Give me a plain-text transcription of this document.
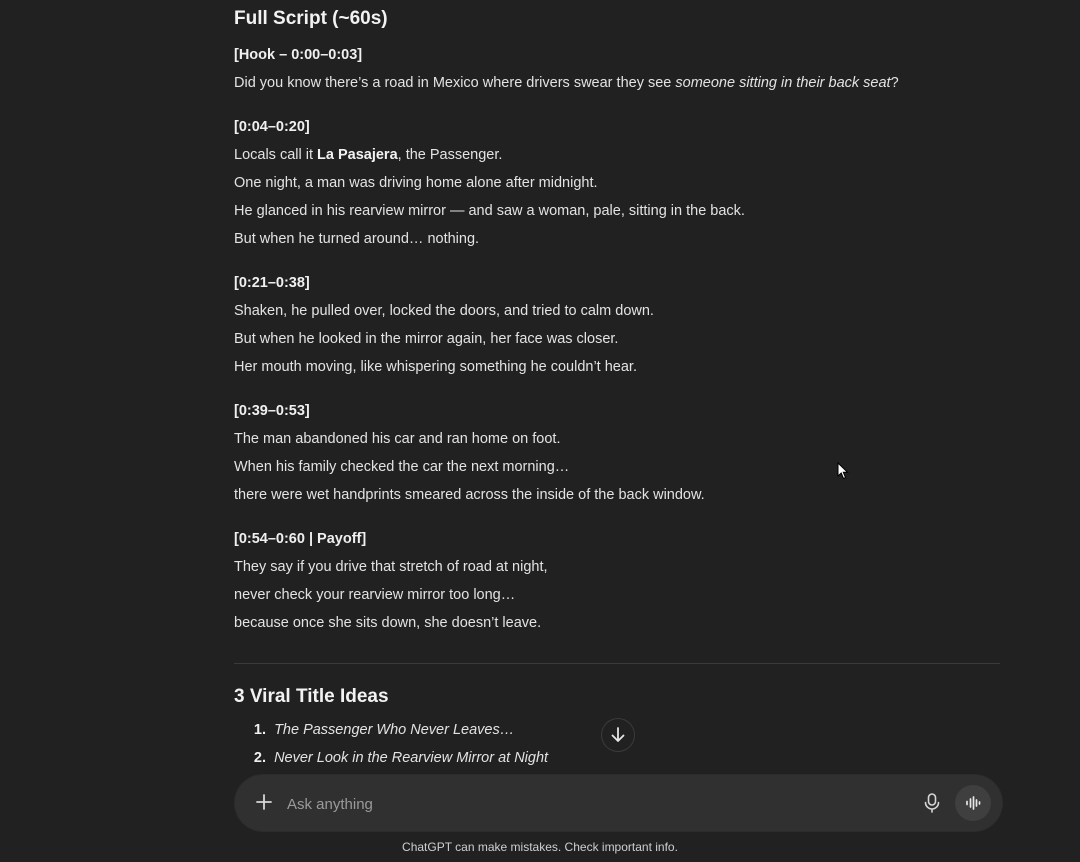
Full Script (~60s)
[Hook – 0:00–0:03]
Did you know there’s a road in Mexico where drivers swear they see someone sitting in their back seat?
[0:04–0:20]
Locals call it La Pasajera, the Passenger.
One night, a man was driving home alone after midnight.
He glanced in his rearview mirror — and saw a woman, pale, sitting in the back.
But when he turned around… nothing.
[0:21–0:38]
Shaken, he pulled over, locked the doors, and tried to calm down.
But when he looked in the mirror again, her face was closer.
Her mouth moving, like whispering something he couldn’t hear.
[0:39–0:53]
The man abandoned his car and ran home on foot.
When his family checked the car the next morning…
there were wet handprints smeared across the inside of the back window.
[0:54–0:60 | Payoff]
They say if you drive that stretch of road at night,
never check your rearview mirror too long…
because once she sits down, she doesn’t leave.
3 Viral Title Ideas
1. The Passenger Who Never Leaves…
2. Never Look in the Rearview Mirror at Night
Ask anything
ChatGPT can make mistakes. Check important info.
